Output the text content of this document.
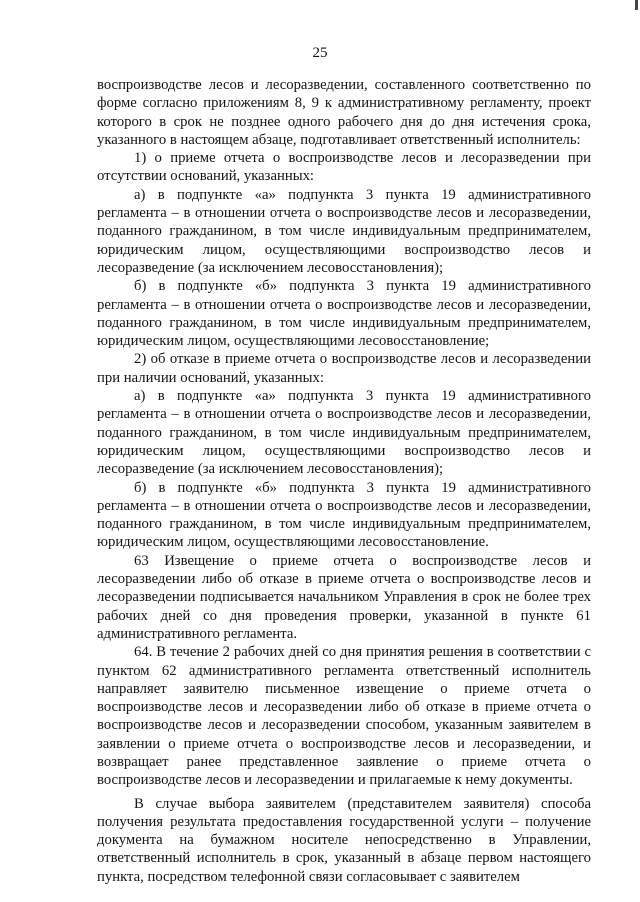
25

воспроизводстве лесов и лесоразведении, составленного соответственно по форме согласно приложениям 8, 9 к административному регламенту, проект которого в срок не позднее одного рабочего дня до дня истечения срока, указанного в настоящем абзаце, подготавливает ответственный исполнитель:

1) о приеме отчета о воспроизводстве лесов и лесоразведении при отсутствии оснований, указанных:

а) в подпункте «а» подпункта 3 пункта 19 административного регламента – в отношении отчета о воспроизводстве лесов и лесоразведении, поданного гражданином, в том числе индивидуальным предпринимателем, юридическим лицом, осуществляющими воспроизводство лесов и лесоразведение (за исключением лесовосстановления);

б) в подпункте «б» подпункта 3 пункта 19 административного регламента – в отношении отчета о воспроизводстве лесов и лесоразведении, поданного гражданином, в том числе индивидуальным предпринимателем, юридическим лицом, осуществляющими лесовосстановление;

2) об отказе в приеме отчета о воспроизводстве лесов и лесоразведении при наличии оснований, указанных:

а) в подпункте «а» подпункта 3 пункта 19 административного регламента – в отношении отчета о воспроизводстве лесов и лесоразведении, поданного гражданином, в том числе индивидуальным предпринимателем, юридическим лицом, осуществляющими воспроизводство лесов и лесоразведение (за исключением лесовосстановления);

б) в подпункте «б» подпункта 3 пункта 19 административного регламента – в отношении отчета о воспроизводстве лесов и лесоразведении, поданного гражданином, в том числе индивидуальным предпринимателем, юридическим лицом, осуществляющими лесовосстановление.

63 Извещение о приеме отчета о воспроизводстве лесов и лесоразведении либо об отказе в приеме отчета о воспроизводстве лесов и лесоразведении подписывается начальником Управления в срок не более трех рабочих дней со дня проведения проверки, указанной в пункте 61 административного регламента.

64. В течение 2 рабочих дней со дня принятия решения в соответствии с пунктом 62 административного регламента ответственный исполнитель направляет заявителю письменное извещение о приеме отчета о воспроизводстве лесов и лесоразведении либо об отказе в приеме отчета о воспроизводстве лесов и лесоразведении способом, указанным заявителем в заявлении о приеме отчета о воспроизводстве лесов и лесоразведении, и возвращает ранее представленное заявление о приеме отчета о воспроизводстве лесов и лесоразведении и прилагаемые к нему документы.

В случае выбора заявителем (представителем заявителя) способа получения результата предоставления государственной услуги – получение документа на бумажном носителе непосредственно в Управлении, ответственный исполнитель в срок, указанный в абзаце первом настоящего пункта, посредством телефонной связи согласовывает с заявителем
